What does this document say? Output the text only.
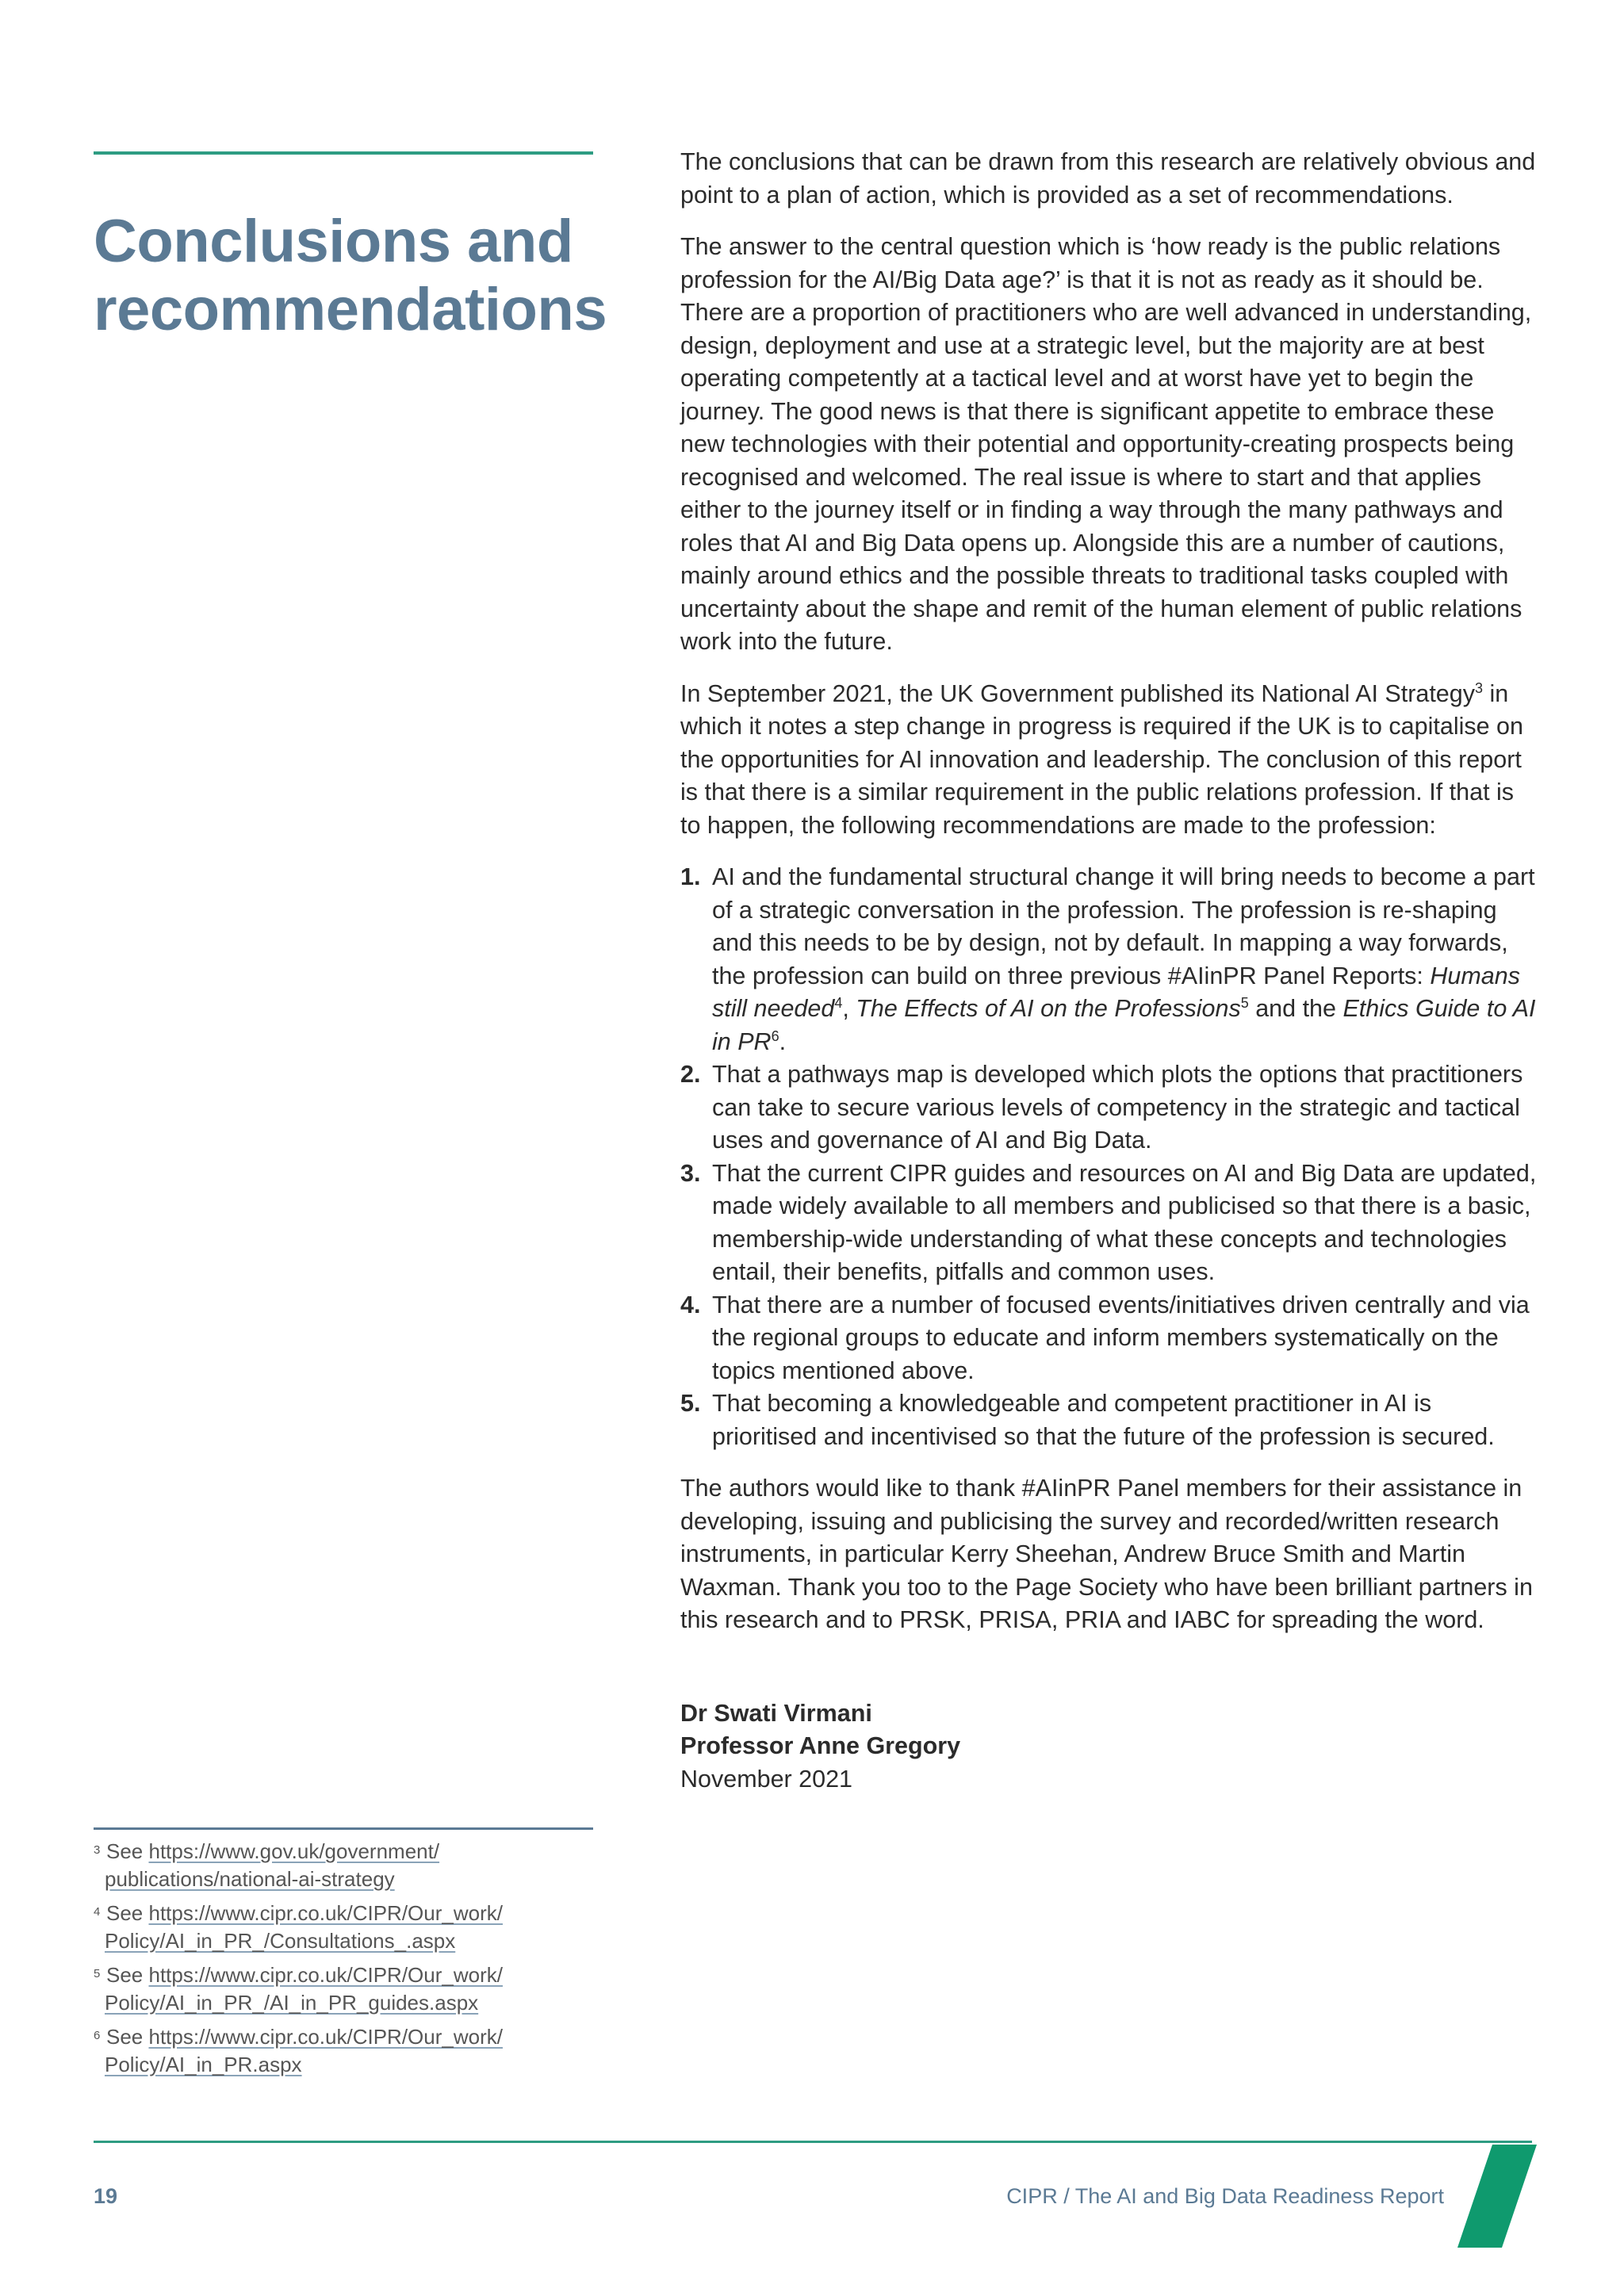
Conclusions and recommendations

The conclusions that can be drawn from this research are relatively obvious and point to a plan of action, which is provided as a set of recommendations.

The answer to the central question which is ‘how ready is the public relations profession for the AI/Big Data age?’ is that it is not as ready as it should be. There are a proportion of practitioners who are well advanced in understanding, design, deployment and use at a strategic level, but the majority are at best operating competently at a tactical level and at worst have yet to begin the journey. The good news is that there is significant appetite to embrace these new technologies with their potential and opportunity-creating prospects being recognised and welcomed. The real issue is where to start and that applies either to the journey itself or in finding a way through the many pathways and roles that AI and Big Data opens up. Alongside this are a number of cautions, mainly around ethics and the possible threats to traditional tasks coupled with uncertainty about the shape and remit of the human element of public relations work into the future.

In September 2021, the UK Government published its National AI Strategy$^3$ in which it notes a step change in progress is required if the UK is to capitalise on the opportunities for AI innovation and leadership. The conclusion of this report is that there is a similar requirement in the public relations profession. If that is to happen, the following recommendations are made to the profession:

1. AI and the fundamental structural change it will bring needs to become a part of a strategic conversation in the profession. The profession is re-shaping and this needs to be by design, not by default. In mapping a way forwards, the profession can build on three previous #AIinPR Panel Reports: Humans still needed$^4$, The Effects of AI on the Professions$^5$ and the Ethics Guide to AI in $PR^6$.
2. That a pathways map is developed which plots the options that practitioners can take to secure various levels of competency in the strategic and tactical uses and governance of AI and Big Data.
3. That the current CIPR guides and resources on AI and Big Data are updated, made widely available to all members and publicised so that there is a basic, membership-wide understanding of what these concepts and technologies entail, their benefits, pitfalls and common uses.
4. That there are a number of focused events/initiatives driven centrally and via the regional groups to educate and inform members systematically on the topics mentioned above.
5. That becoming a knowledgeable and competent practitioner in AI is prioritised and incentivised so that the future of the profession is secured.

The authors would like to thank #AIinPR Panel members for their assistance in developing, issuing and publicising the survey and recorded/written research instruments, in particular Kerry Sheehan, Andrew Bruce Smith and Martin Waxman. Thank you too to the Page Society who have been brilliant partners in this research and to PRSK, PRISA, PRIA and IABC for spreading the word.

Dr Swati Virmani
Professor Anne Gregory
November 2021
3 See https://www.gov.uk/government/
publications/national-ai-strategy
4 See https://www.cipr.co.uk/CIPR/Our_work/
Policy/AI_in_PR_/Consultations_.aspx
5 See https://www.cipr.co.uk/CIPR/Our_work/
Policy/AI_in_PR_/AI_in_PR_guides.aspx
6 See https://www.cipr.co.uk/CIPR/Our_work/
Policy/AI_in_PR.aspx
19	CIPR / The AI and Big Data Readiness Report
